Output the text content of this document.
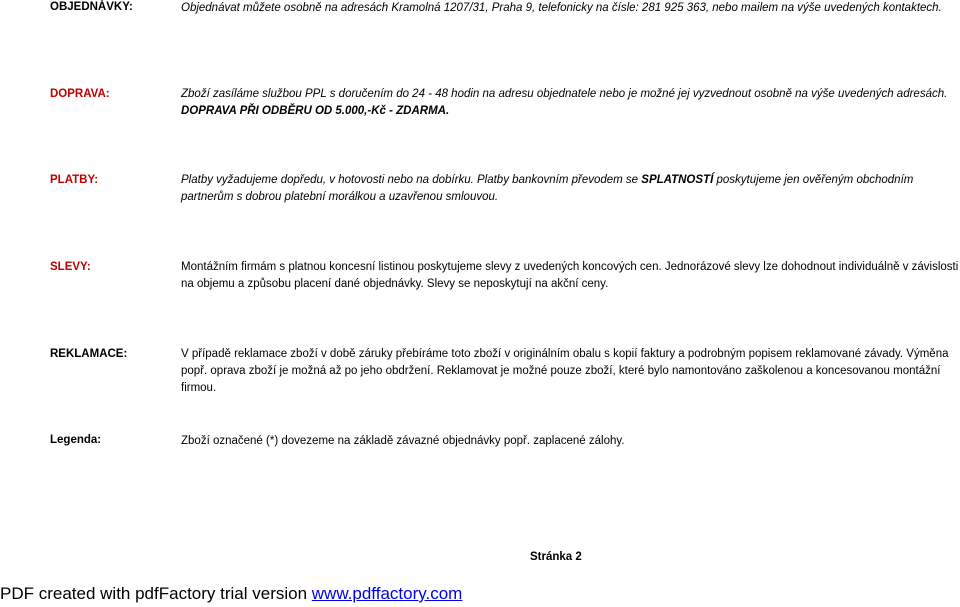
OBJEDNÁVKY:	Objednávat můžete osobně na adresách Kramolná 1207/31, Praha 9, telefonicky na čísle: 281 925 363, nebo mailem na výše uvedených kontaktech.

DOPRAVA:	Zboží zasíláme službou PPL s doručením do 24 - 48 hodin na adresu objednatele nebo je možné jej vyzvednout osobně na výše uvedených adresách.

DOPRAVA PŘI ODBĚRU OD 5.000,-Kč - ZDARMA.

PLATBY:	Platby vyžadujeme dopředu, v hotovosti nebo na dobírku. Platby bankovním převodem se SPLATNOSTÍ poskytujeme jen ověřeným obchodním

partnerům s dobrou platební morálkou a uzavřenou smlouvou.

SLEVY:	Montážním firmám s platnou koncesní listinou poskytujeme slevy z uvedených koncových cen. Jednorázové slevy lze dohodnout individuálně v závislosti

na objemu a způsobu placení dané objednávky. Slevy se neposkytují na akční ceny.

REKLAMACE:	V případě reklamace zboží v době záruky přebíráme toto zboží v originálním obalu s kopií faktury a podrobným popisem reklamované závady. Výměna

popř. oprava zboží je možná až po jeho obdržení. Reklamovat je možné pouze zboží, které bylo namontováno zaškolenou a koncesovanou montážní

firmou.

Legenda:	Zboží označené (*) dovezeme na základě závazné objednávky popř. zaplacené zálohy.

Stránka 2
PDF created with pdfFactory trial version www.pdffactory.com
